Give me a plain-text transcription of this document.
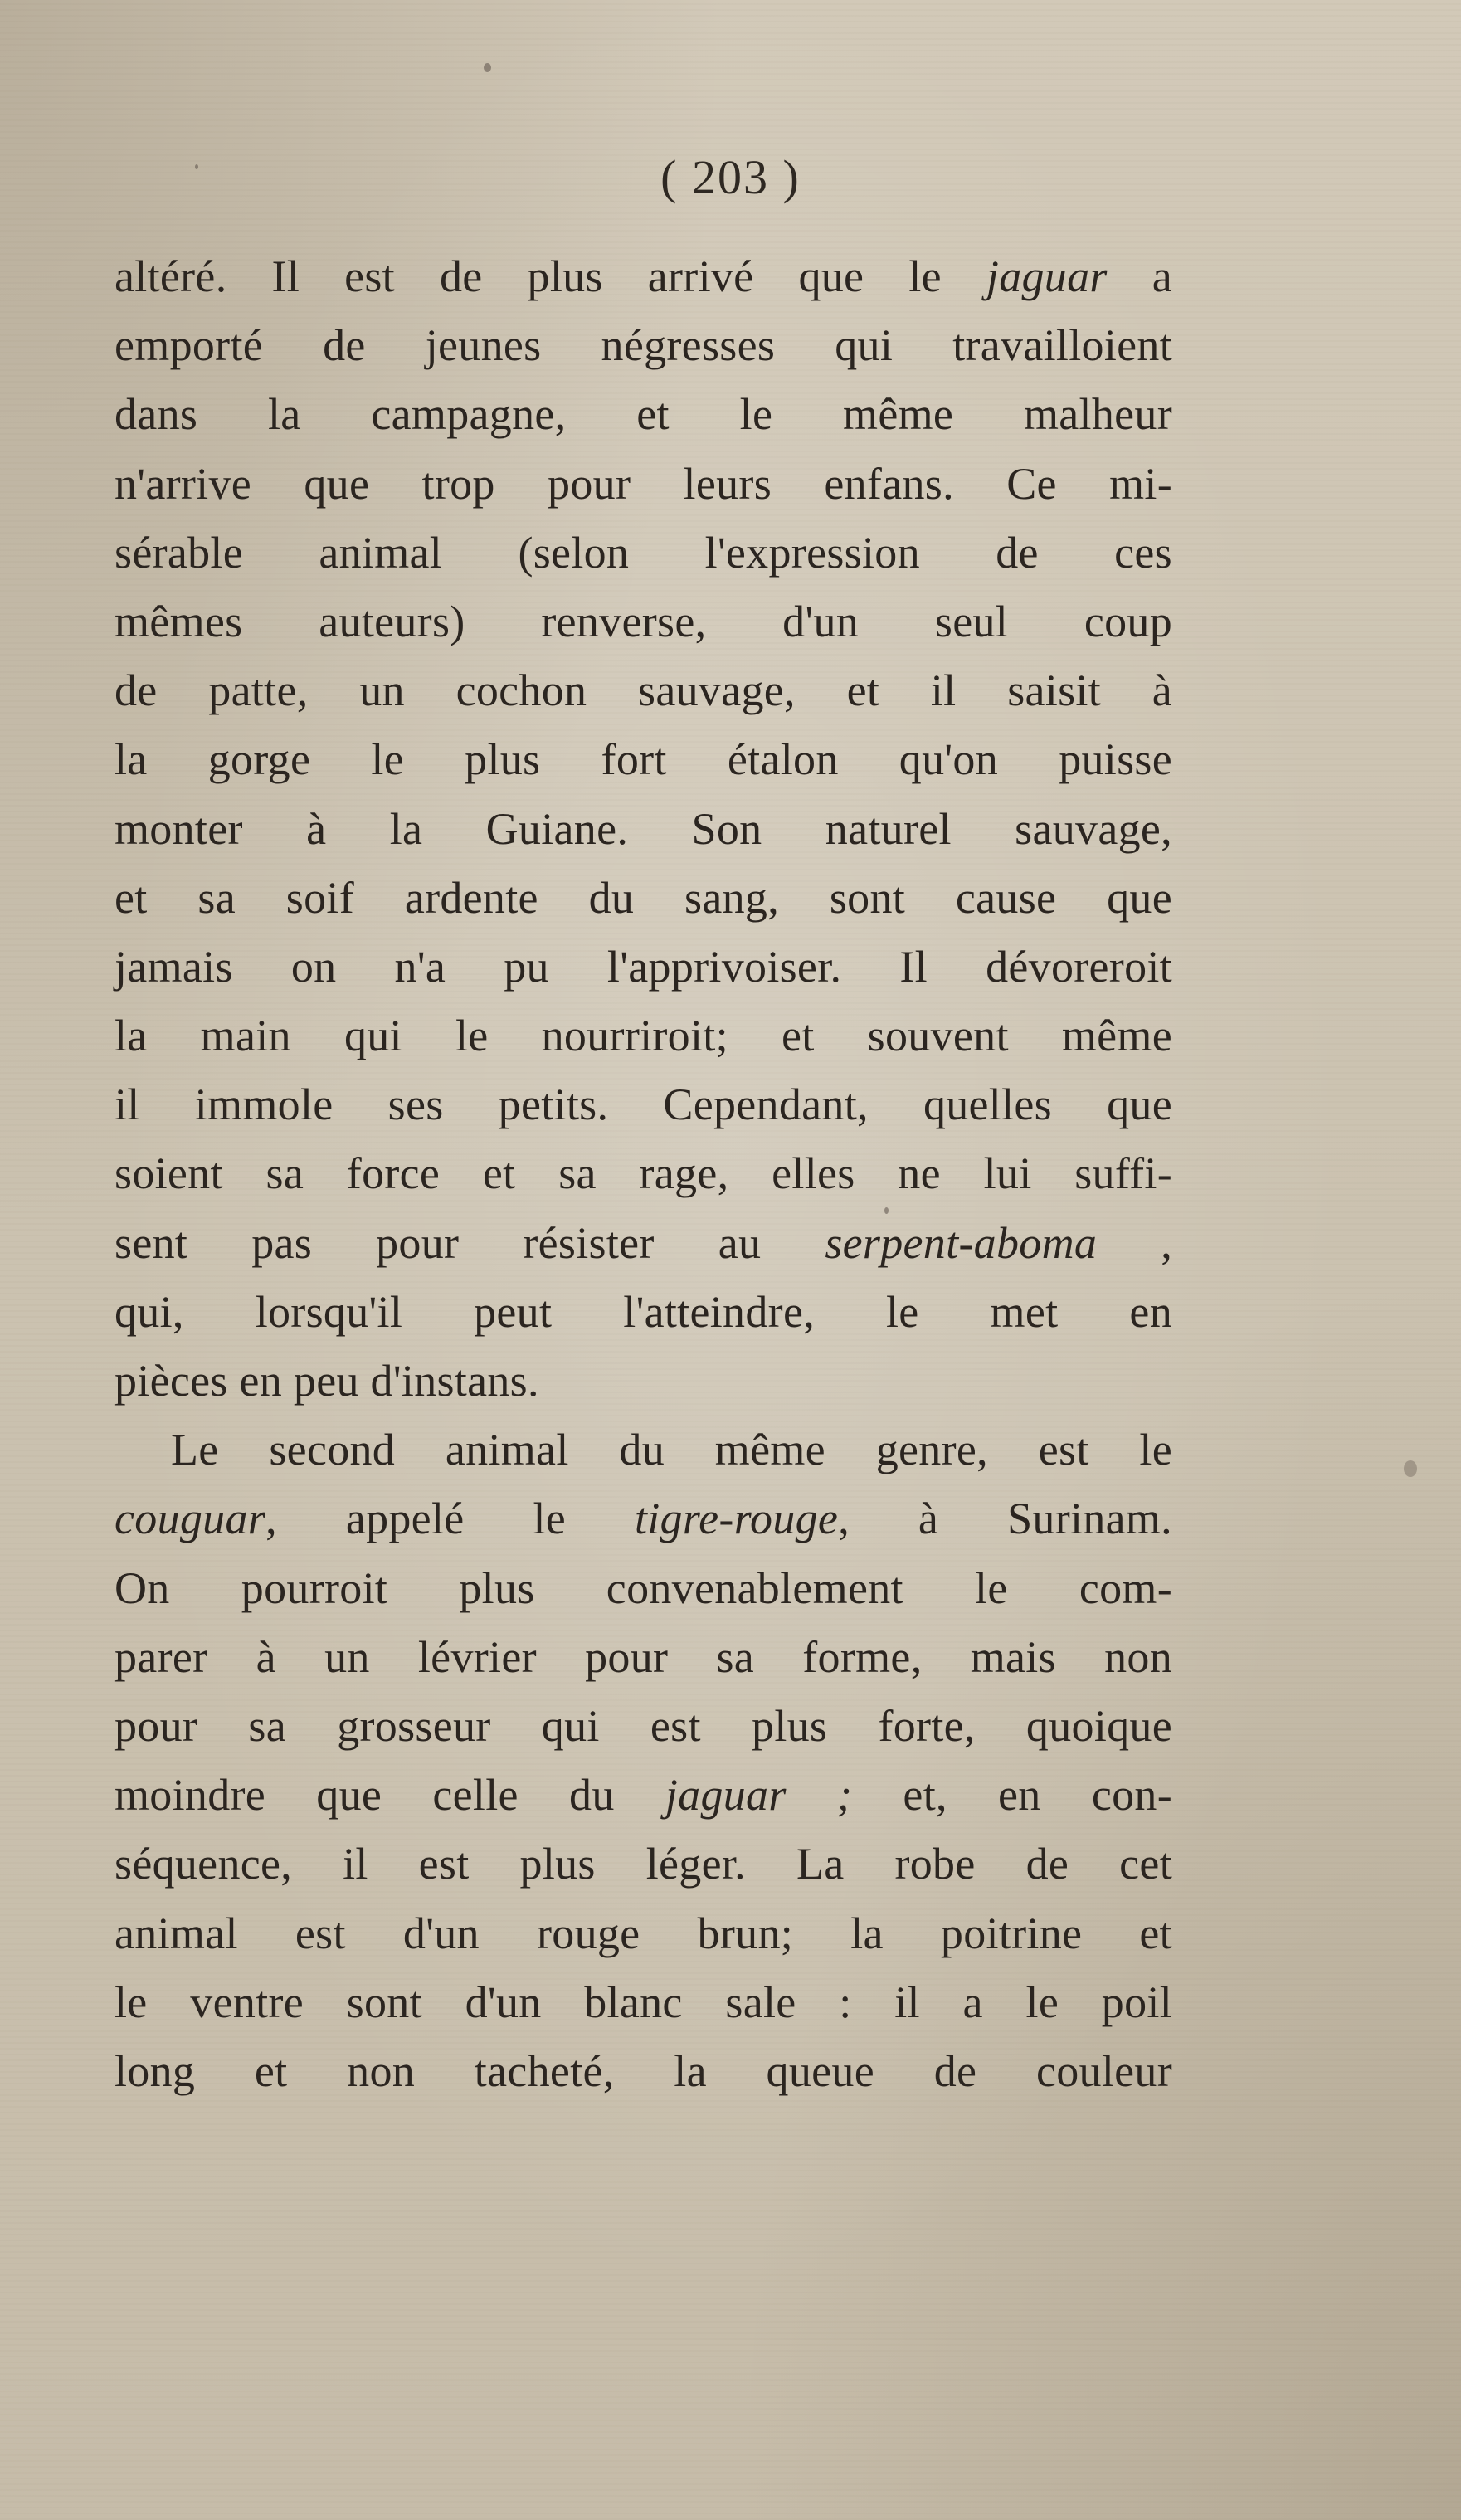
( 203 )
altéré. Il est de plus arrivé que le jaguar a
emporté de jeunes négresses qui travailloient
dans la campagne, et le même malheur
n'arrive que trop pour leurs enfans. Ce mi-
sérable animal (selon l'expression de ces
mêmes auteurs) renverse, d'un seul coup
de patte, un cochon sauvage, et il saisit à
la gorge le plus fort étalon qu'on puisse
monter à la Guiane. Son naturel sauvage,
et sa soif ardente du sang, sont cause que
jamais on n'a pu l'apprivoiser. Il dévoreroit
la main qui le nourriroit; et souvent même
il immole ses petits. Cependant, quelles que
soient sa force et sa rage, elles ne lui suffi-
sent pas pour résister au serpent-aboma ,
qui, lorsqu'il peut l'atteindre, le met en
pièces en peu d'instans.
Le second animal du même genre, est le
couguar, appelé le tigre-rouge, à Surinam.
On pourroit plus convenablement le com-
parer à un lévrier pour sa forme, mais non
pour sa grosseur qui est plus forte, quoique
moindre que celle du jaguar ; et, en con-
séquence, il est plus léger. La robe de cet
animal est d'un rouge brun; la poitrine et
le ventre sont d'un blanc sale : il a le poil
long et non tacheté, la queue de couleur
